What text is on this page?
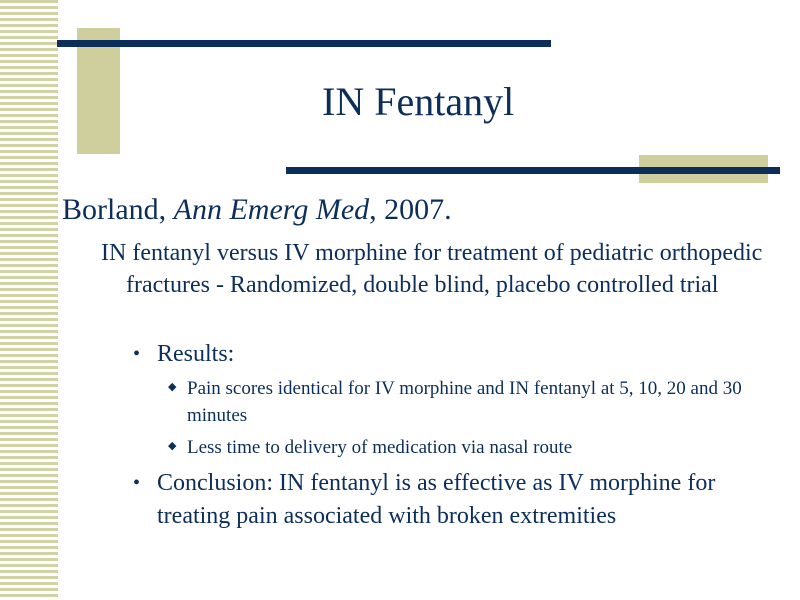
IN Fentanyl
Borland, Ann Emerg Med, 2007.
IN fentanyl versus IV morphine for treatment of pediatric orthopedic fractures - Randomized, double blind, placebo controlled trial
• Results:
◆ Pain scores identical for IV morphine and IN fentanyl at 5, 10, 20 and 30 minutes
◆ Less time to delivery of medication via nasal route
• Conclusion: IN fentanyl is as effective as IV morphine for treating pain associated with broken extremities
